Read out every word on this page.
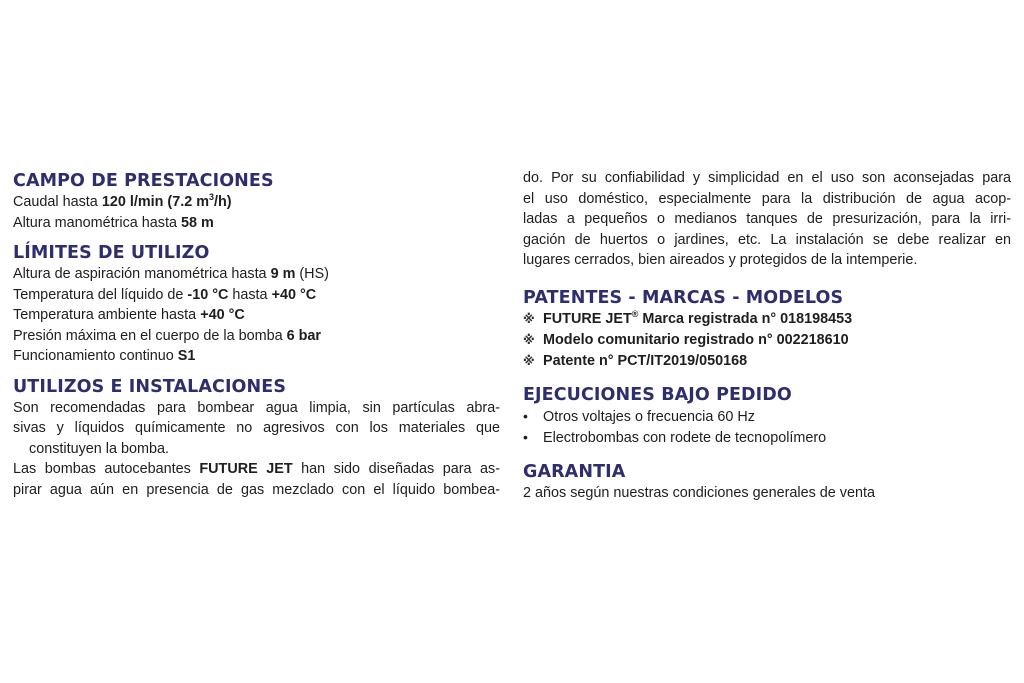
CAMPO DE PRESTACIONES
Caudal hasta 120 l/min (7.2 $m^3/h$)
Altura manométrica hasta 58 m
LÍMITES DE UTILIZO
Altura de aspiración manométrica hasta 9 m (HS)
Temperatura del líquido de -10 °C hasta +40 °C
Temperatura ambiente hasta +40 °C
Presión máxima en el cuerpo de la bomba 6 bar
Funcionamiento continuo S1
UTILIZOS E INSTALACIONES
Son recomendadas para bombear agua limpia, sin partículas abra-
sivas y líquidos químicamente no agresivos con los materiales que
constituyen la bomba.
Las bombas autocebantes FUTURE JET han sido diseñadas para as-
pirar agua aún en presencia de gas mezclado con el líquido bombea-
do. Por su confiabilidad y simplicidad en el uso son aconsejadas para
el uso doméstico, especialmente para la distribución de agua acop-
ladas a pequeños o medianos tanques de presurización, para la irri-
gación de huertos o jardines, etc. La instalación se debe realizar en
lugares cerrados, bien aireados y protegidos de la intemperie.
PATENTES - MARCAS - MODELOS
※ FUTURE JET® Marca registrada n° 018198453
※ Modelo comunitario registrado n° 002218610
※ Patente n° PCT/IT2019/050168
EJECUCIONES BAJO PEDIDO
• Otros voltajes o frecuencia 60 Hz
• Electrobombas con rodete de tecnopolímero
GARANTIA
2 años según nuestras condiciones generales de venta
